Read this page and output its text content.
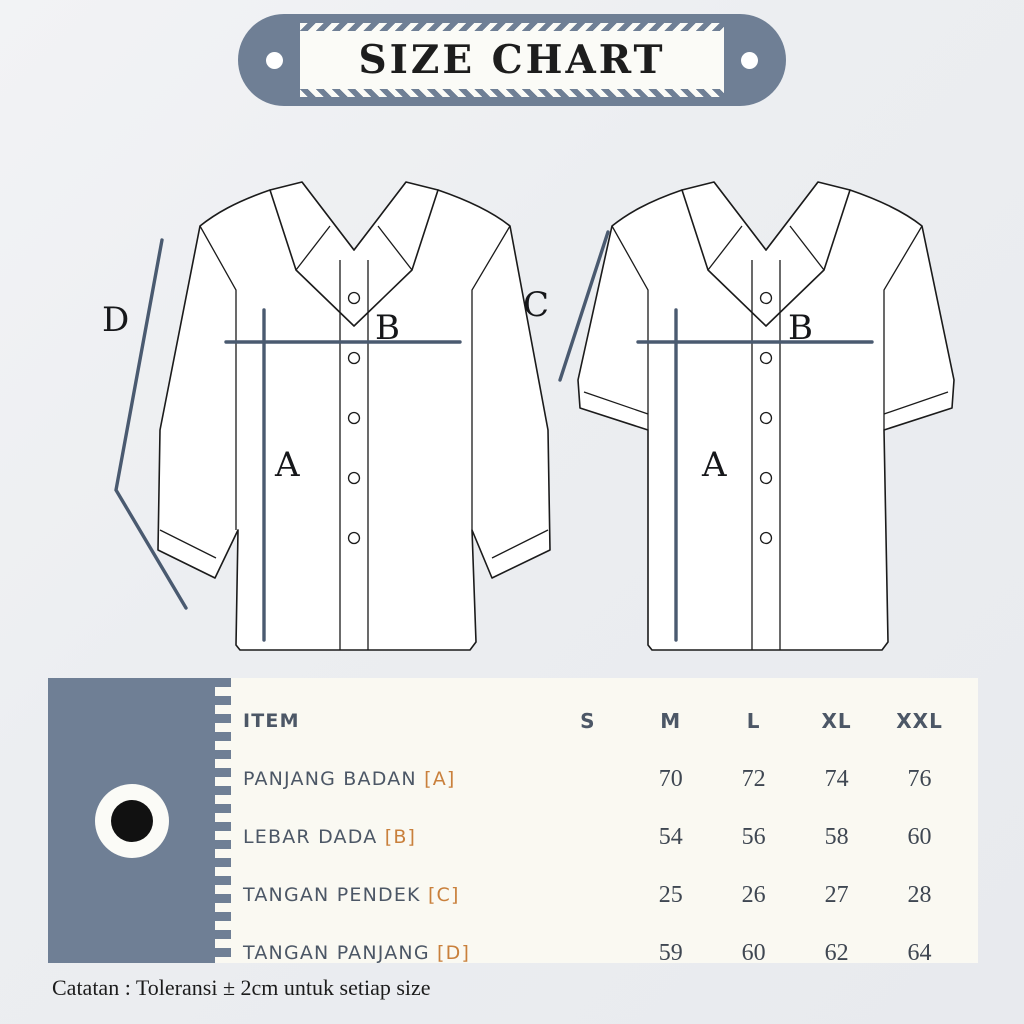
SIZE CHART
D	B
A
C
B
A
ITEM	S	M	L	XL	XXL
PANJANG BADAN [A]		70	72	74	76
LEBAR DADA [B]		54	56	58	60
TANGAN PENDEK [C]		25	26	27	28
TANGAN PANJANG [D]		59	60	62	64
Catatan : Toleransi ± 2cm untuk setiap size
